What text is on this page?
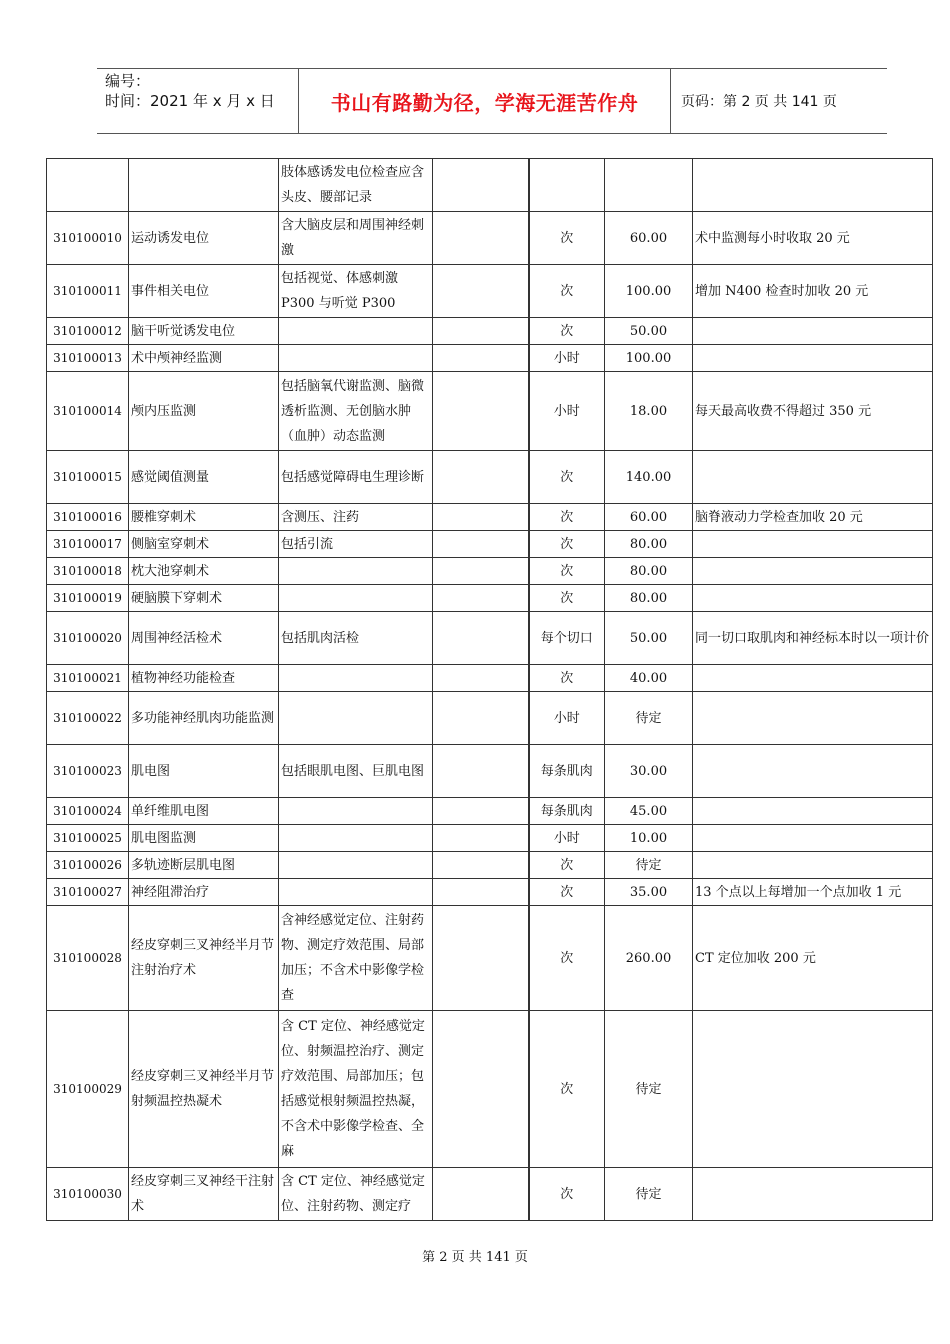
编号：
时间：2021 年 x 月 x 日	书山有路勤为径，学海无涯苦作舟	页码：第 2 页 共 141 页
		肢体感诱发电位检查应含头皮、腰部记录				
310100010	运动诱发电位	含大脑皮层和周围神经刺激		次	60.00	术中监测每小时收取 20 元
310100011	事件相关电位	包括视觉、体感刺激P300 与听觉 P300		次	100.00	增加 N400 检查时加收 20 元
310100012	脑干听觉诱发电位			次	50.00	
310100013	术中颅神经监测			小时	100.00	
310100014	颅内压监测	包括脑氧代谢监测、脑微透析监测、无创脑水肿（血肿）动态监测		小时	18.00	每天最高收费不得超过 350 元
310100015	感觉阈值测量	包括感觉障碍电生理诊断		次	140.00	
310100016	腰椎穿刺术	含测压、注药		次	60.00	脑脊液动力学检查加收 20 元
310100017	侧脑室穿刺术	包括引流		次	80.00	
310100018	枕大池穿刺术			次	80.00	
310100019	硬脑膜下穿刺术			次	80.00	
310100020	周围神经活检术	包括肌肉活检		每个切口	50.00	同一切口取肌肉和神经标本时以一项计价
310100021	植物神经功能检查			次	40.00	
310100022	多功能神经肌肉功能监测			小时	待定	
310100023	肌电图	包括眼肌电图、巨肌电图		每条肌肉	30.00	
310100024	单纤维肌电图			每条肌肉	45.00	
310100025	肌电图监测			小时	10.00	
310100026	多轨迹断层肌电图			次	待定	
310100027	神经阻滞治疗			次	35.00	13 个点以上每增加一个点加收 1 元
310100028	经皮穿刺三叉神经半月节注射治疗术	含神经感觉定位、注射药物、测定疗效范围、局部加压；不含术中影像学检查		次	260.00	CT 定位加收 200 元
310100029	经皮穿刺三叉神经半月节射频温控热凝术	含 CT 定位、神经感觉定位、射频温控治疗、测定疗效范围、局部加压；包括感觉根射频温控热凝，不含术中影像学检查、全麻		次	待定	
310100030	经皮穿刺三叉神经干注射术	含 CT 定位、神经感觉定位、注射药物、测定疗		次	待定	
第 2 页 共 141 页
